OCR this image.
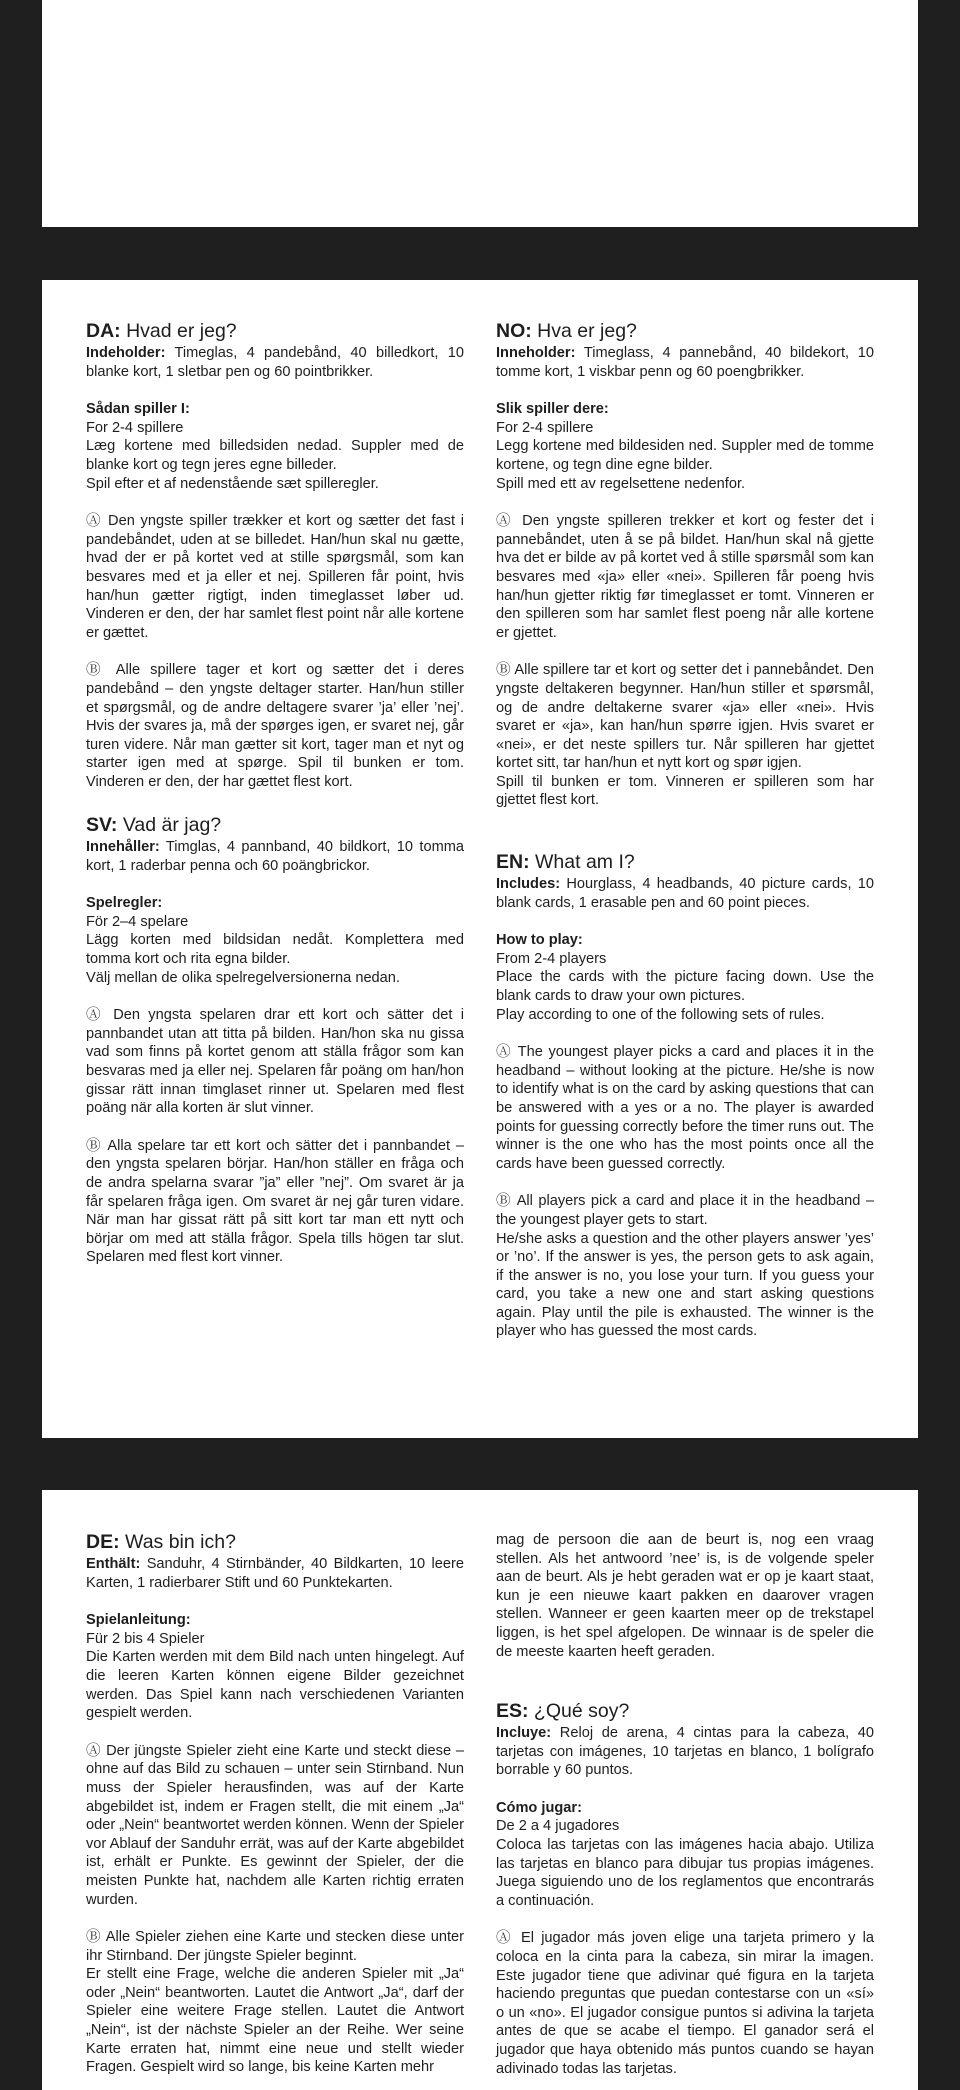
DA: Hvad er jeg?

Indeholder: Timeglas, 4 pandebånd, 40 billedkort, 10 blanke kort, 1 sletbar pen og 60 pointbrikker.

Sådan spiller I:

For 2-4 spillere

Læg kortene med billedsiden nedad. Suppler med de blanke kort og tegn jeres egne billeder.

Spil efter et af nedenstående sæt spilleregler.

Ⓐ Den yngste spiller trækker et kort og sætter det fast i pandebåndet, uden at se billedet. Han/hun skal nu gætte, hvad der er på kortet ved at stille spørgsmål, som kan besvares med et ja eller et nej. Spilleren får point, hvis han/hun gætter rigtigt, inden timeglasset løber ud. Vinderen er den, der har samlet flest point når alle kortene er gættet.

Ⓑ Alle spillere tager et kort og sætter det i deres pandebånd – den yngste deltager starter. Han/hun stiller et spørgsmål, og de andre deltagere svarer ’ja’ eller ’nej’. Hvis der svares ja, må der spørges igen, er svaret nej, går turen videre. Når man gætter sit kort, tager man et nyt og starter igen med at spørge. Spil til bunken er tom. Vinderen er den, der har gættet flest kort.

NO: Hva er jeg?

Inneholder: Timeglass, 4 pannebånd, 40 bildekort, 10 tomme kort, 1 viskbar penn og 60 poengbrikker.

Slik spiller dere:

For 2-4 spillere

Legg kortene med bildesiden ned. Suppler med de tomme kortene, og tegn dine egne bilder.

Spill med ett av regelsettene nedenfor.

Ⓐ Den yngste spilleren trekker et kort og fester det i pannebåndet, uten å se på bildet. Han/hun skal nå gjette hva det er bilde av på kortet ved å stille spørsmål som kan besvares med «ja» eller «nei». Spilleren får poeng hvis han/hun gjetter riktig før timeglasset er tomt. Vinneren er den spilleren som har samlet flest poeng når alle kortene er gjettet.

Ⓑ Alle spillere tar et kort og setter det i pannebåndet. Den yngste deltakeren begynner. Han/hun stiller et spørsmål, og de andre deltakerne svarer «ja» eller «nei». Hvis svaret er «ja», kan han/hun spørre igjen. Hvis svaret er «nei», er det neste spillers tur. Når spilleren har gjettet kortet sitt, tar han/hun et nytt kort og spør igjen.

Spill til bunken er tom. Vinneren er spilleren som har gjettet flest kort.

SV: Vad är jag?

Innehåller: Timglas, 4 pannband, 40 bildkort, 10 tomma kort, 1 raderbar penna och 60 poängbrickor.

Spelregler:

För 2–4 spelare

Lägg korten med bildsidan nedåt. Komplettera med tomma kort och rita egna bilder.

Välj mellan de olika spelregelversionerna nedan.

Ⓐ Den yngsta spelaren drar ett kort och sätter det i pannbandet utan att titta på bilden. Han/hon ska nu gissa vad som finns på kortet genom att ställa frågor som kan besvaras med ja eller nej. Spelaren får poäng om han/hon gissar rätt innan timglaset rinner ut. Spelaren med flest poäng när alla korten är slut vinner.

Ⓑ Alla spelare tar ett kort och sätter det i pannbandet – den yngsta spelaren börjar. Han/hon ställer en fråga och de andra spelarna svarar ”ja” eller ”nej”. Om svaret är ja får spelaren fråga igen. Om svaret är nej går turen vidare. När man har gissat rätt på sitt kort tar man ett nytt och börjar om med att ställa frågor. Spela tills högen tar slut. Spelaren med flest kort vinner.

EN: What am I?

Includes: Hourglass, 4 headbands, 40 picture cards, 10 blank cards, 1 erasable pen and 60 point pieces.

How to play:

From 2-4 players

Place the cards with the picture facing down. Use the blank cards to draw your own pictures.

Play according to one of the following sets of rules.

Ⓐ The youngest player picks a card and places it in the headband – without looking at the picture. He/she is now to identify what is on the card by asking questions that can be answered with a yes or a no. The player is awarded points for guessing correctly before the timer runs out. The winner is the one who has the most points once all the cards have been guessed correctly.

Ⓑ All players pick a card and place it in the headband – the youngest player gets to start.

He/she asks a question and the other players answer ’yes’ or ’no’. If the answer is yes, the person gets to ask again, if the answer is no, you lose your turn. If you guess your card, you take a new one and start asking questions again. Play until the pile is exhausted. The winner is the player who has guessed the most cards.

DE: Was bin ich?

Enthält: Sanduhr, 4 Stirnbänder, 40 Bildkarten, 10 leere Karten, 1 radierbarer Stift und 60 Punktekarten.

Spielanleitung:

Für 2 bis 4 Spieler

Die Karten werden mit dem Bild nach unten hingelegt. Auf die leeren Karten können eigene Bilder gezeichnet werden. Das Spiel kann nach verschiedenen Varianten gespielt werden.

Ⓐ Der jüngste Spieler zieht eine Karte und steckt diese – ohne auf das Bild zu schauen – unter sein Stirnband. Nun muss der Spieler herausfinden, was auf der Karte abgebildet ist, indem er Fragen stellt, die mit einem „Ja“ oder „Nein“ beantwortet werden können. Wenn der Spieler vor Ablauf der Sanduhr errät, was auf der Karte abgebildet ist, erhält er Punkte. Es gewinnt der Spieler, der die meisten Punkte hat, nachdem alle Karten richtig erraten wurden.

Ⓑ Alle Spieler ziehen eine Karte und stecken diese unter ihr Stirnband. Der jüngste Spieler beginnt.

Er stellt eine Frage, welche die anderen Spieler mit „Ja“ oder „Nein“ beantworten. Lautet die Antwort „Ja“, darf der Spieler eine weitere Frage stellen. Lautet die Antwort „Nein“, ist der nächste Spieler an der Reihe. Wer seine Karte erraten hat, nimmt eine neue und stellt wieder Fragen. Gespielt wird so lange, bis keine Karten mehr

mag de persoon die aan de beurt is, nog een vraag stellen. Als het antwoord ’nee’ is, is de volgende speler aan de beurt. Als je hebt geraden wat er op je kaart staat, kun je een nieuwe kaart pakken en daarover vragen stellen. Wanneer er geen kaarten meer op de trekstapel liggen, is het spel afgelopen. De winnaar is de speler die de meeste kaarten heeft geraden.

ES: ¿Qué soy?

Incluye: Reloj de arena, 4 cintas para la cabeza, 40 tarjetas con imágenes, 10 tarjetas en blanco, 1 bolígrafo borrable y 60 puntos.

Cómo jugar:

De 2 a 4 jugadores

Coloca las tarjetas con las imágenes hacia abajo. Utiliza las tarjetas en blanco para dibujar tus propias imágenes. Juega siguiendo uno de los reglamentos que encontrarás a continuación.

Ⓐ El jugador más joven elige una tarjeta primero y la coloca en la cinta para la cabeza, sin mirar la imagen. Este jugador tiene que adivinar qué figura en la tarjeta haciendo preguntas que puedan contestarse con un «sí» o un «no». El jugador consigue puntos si adivina la tarjeta antes de que se acabe el tiempo. El ganador será el jugador que haya obtenido más puntos cuando se hayan adivinado todas las tarjetas.
